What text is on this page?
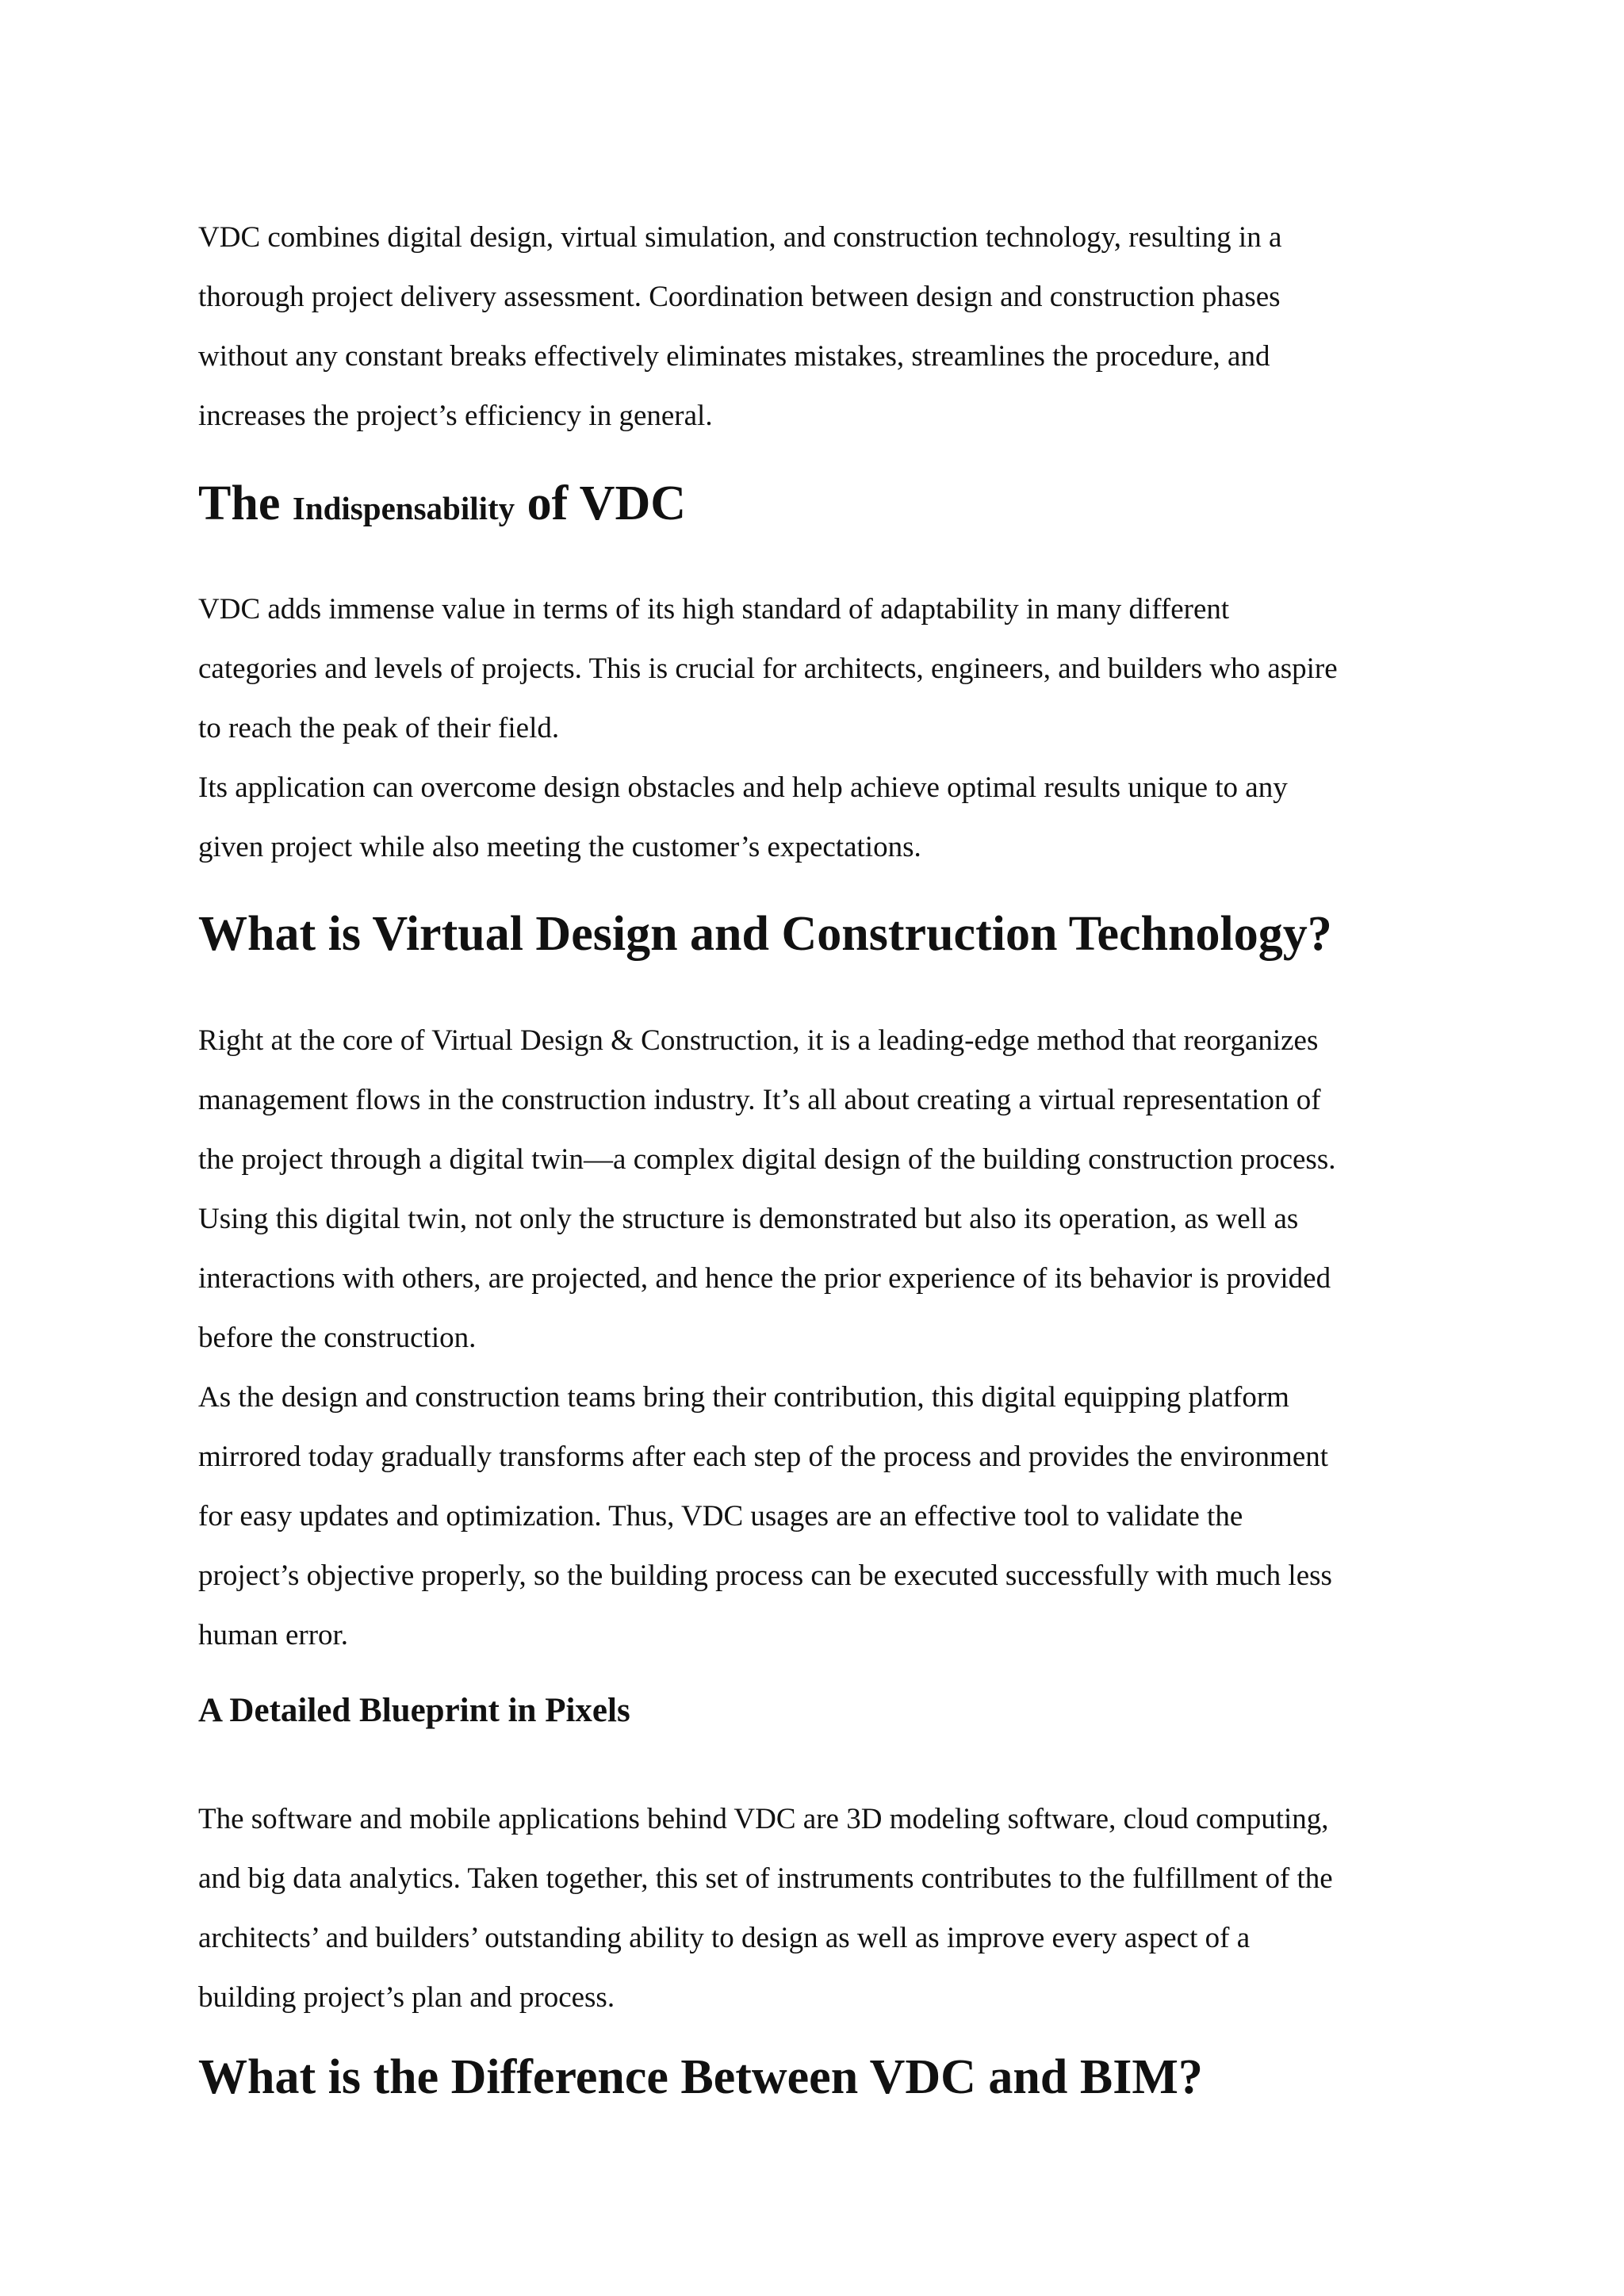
VDC combines digital design, virtual simulation, and construction technology, resulting in a

thorough project delivery assessment. Coordination between design and construction phases

without any constant breaks effectively eliminates mistakes, streamlines the procedure, and

increases the project’s efficiency in general.

The Indispensability of VDC

VDC adds immense value in terms of its high standard of adaptability in many different

categories and levels of projects. This is crucial for architects, engineers, and builders who aspire

to reach the peak of their field.

Its application can overcome design obstacles and help achieve optimal results unique to any

given project while also meeting the customer’s expectations.

What is Virtual Design and Construction Technology?

Right at the core of Virtual Design & Construction, it is a leading-edge method that reorganizes

management flows in the construction industry. It’s all about creating a virtual representation of

the project through a digital twin—a complex digital design of the building construction process.

Using this digital twin, not only the structure is demonstrated but also its operation, as well as

interactions with others, are projected, and hence the prior experience of its behavior is provided

before the construction.

As the design and construction teams bring their contribution, this digital equipping platform

mirrored today gradually transforms after each step of the process and provides the environment

for easy updates and optimization. Thus, VDC usages are an effective tool to validate the

project’s objective properly, so the building process can be executed successfully with much less

human error.

A Detailed Blueprint in Pixels

The software and mobile applications behind VDC are 3D modeling software, cloud computing,

and big data analytics. Taken together, this set of instruments contributes to the fulfillment of the

architects’ and builders’ outstanding ability to design as well as improve every aspect of a

building project’s plan and process.

What is the Difference Between VDC and BIM?
